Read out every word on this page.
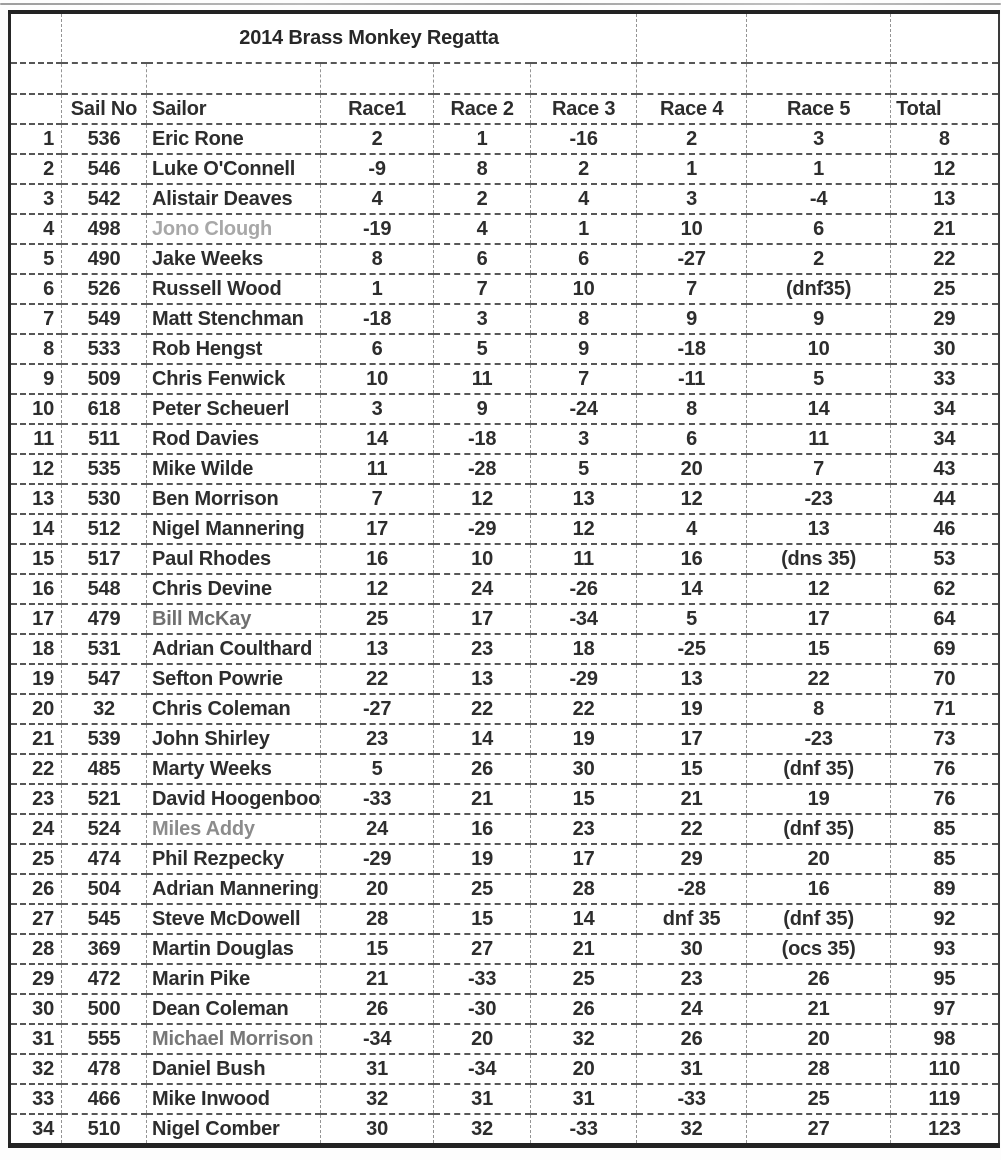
	2014 Brass Monkey Regatta							

	Sail No	Sailor	Race1	Race 2	Race 3	Race 4	Race 5	Total
1	536	Eric Rone	2	1	-16	2	3	8
2	546	Luke O'Connell	-9	8	2	1	1	12
3	542	Alistair Deaves	4	2	4	3	-4	13
4	498	Jono Clough	-19	4	1	10	6	21
5	490	Jake Weeks	8	6	6	-27	2	22
6	526	Russell Wood	1	7	10	7	(dnf35)	25
7	549	Matt Stenchman	-18	3	8	9	9	29
8	533	Rob Hengst	6	5	9	-18	10	30
9	509	Chris Fenwick	10	11	7	-11	5	33
10	618	Peter Scheuerl	3	9	-24	8	14	34
11	511	Rod Davies	14	-18	3	6	11	34
12	535	Mike Wilde	11	-28	5	20	7	43
13	530	Ben Morrison	7	12	13	12	-23	44
14	512	Nigel Mannering	17	-29	12	4	13	46
15	517	Paul Rhodes	16	10	11	16	(dns 35)	53
16	548	Chris Devine	12	24	-26	14	12	62
17	479	Bill McKay	25	17	-34	5	17	64
18	531	Adrian Coulthard	13	23	18	-25	15	69
19	547	Sefton Powrie	22	13	-29	13	22	70
20	32	Chris Coleman	-27	22	22	19	8	71
21	539	John Shirley	23	14	19	17	-23	73
22	485	Marty Weeks	5	26	30	15	(dnf 35)	76
23	521	David Hoogenboo	-33	21	15	21	19	76
24	524	Miles Addy	24	16	23	22	(dnf 35)	85
25	474	Phil Rezpecky	-29	19	17	29	20	85
26	504	Adrian Mannering	20	25	28	-28	16	89
27	545	Steve McDowell	28	15	14	dnf 35	(dnf 35)	92
28	369	Martin Douglas	15	27	21	30	(ocs 35)	93
29	472	Marin Pike	21	-33	25	23	26	95
30	500	Dean Coleman	26	-30	26	24	21	97
31	555	Michael Morrison	-34	20	32	26	20	98
32	478	Daniel Bush	31	-34	20	31	28	110
33	466	Mike Inwood	32	31	31	-33	25	119
34	510	Nigel Comber	30	32	-33	32	27	123
